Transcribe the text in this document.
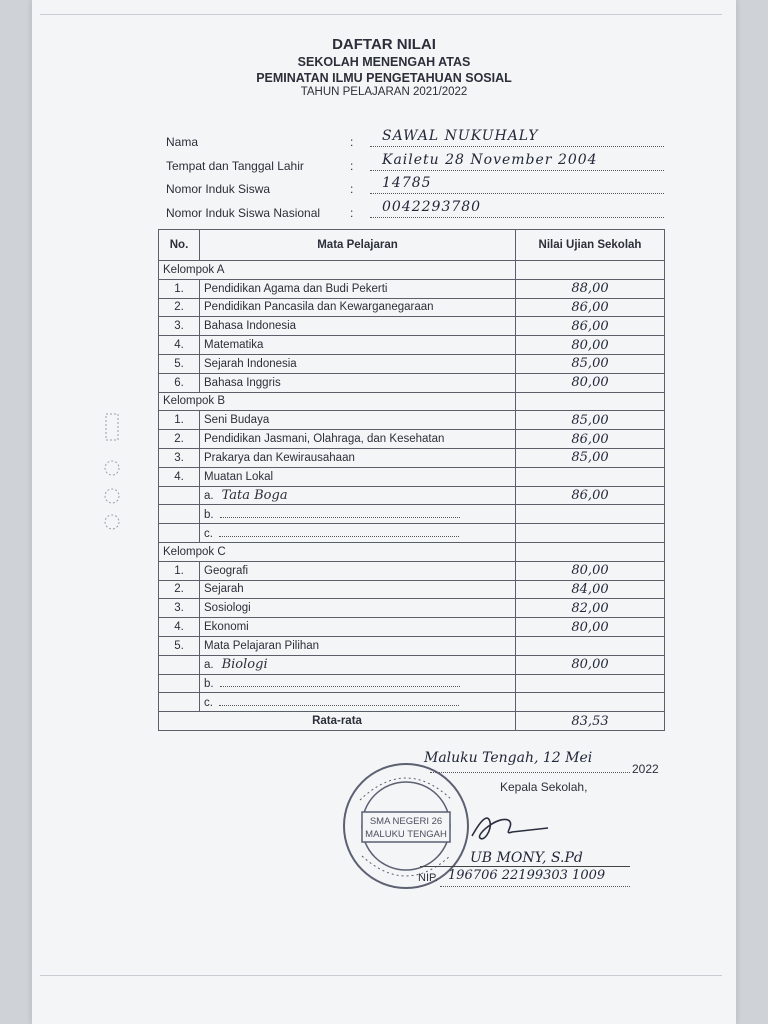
DAFTAR NILAI
SEKOLAH MENENGAH ATAS
PEMINATAN ILMU PENGETAHUAN SOSIAL
TAHUN PELAJARAN 2021/2022
Nama	: SAWAL NUKUHALY
Tempat dan Tanggal Lahir	: Kailetu 28 November 2004
Nomor Induk Siswa	: 14785
Nomor Induk Siswa Nasional : 0042293780
No.	Mata Pelajaran	Nilai Ujian Sekolah
Kelompok A		
1.	Pendidikan Agama dan Budi Pekerti	88,00
2.	Pendidikan Pancasila dan Kewarganegaraan	86,00
3.	Bahasa Indonesia	86,00
4.	Matematika	80,00
5.	Sejarah Indonesia	85,00
6.	Bahasa Inggris	80,00
Kelompok B		
1.	Seni Budaya	85,00
2.	Pendidikan Jasmani, Olahraga, dan Kesehatan	86,00
3.	Prakarya dan Kewirausahaan	85,00
4.	Muatan Lokal	
	a. Tata Boga	86,00
	b.	
	c.	
Kelompok C		
1.	Geografi	80,00
2.	Sejarah	84,00
3.	Sosiologi	82,00
4.	Ekonomi	80,00
5.	Mata Pelajaran Pilihan	
	a. Biologi	80,00
	b.	
	c.	
Rata-rata		83,53
Maluku Tengah, 12 Mei
2022
Kepala Sekolah,
SMA NEGERI 26
MALUKU TENGAH
UB MONY, S.Pd
NIP. 196706 22199303 1009
